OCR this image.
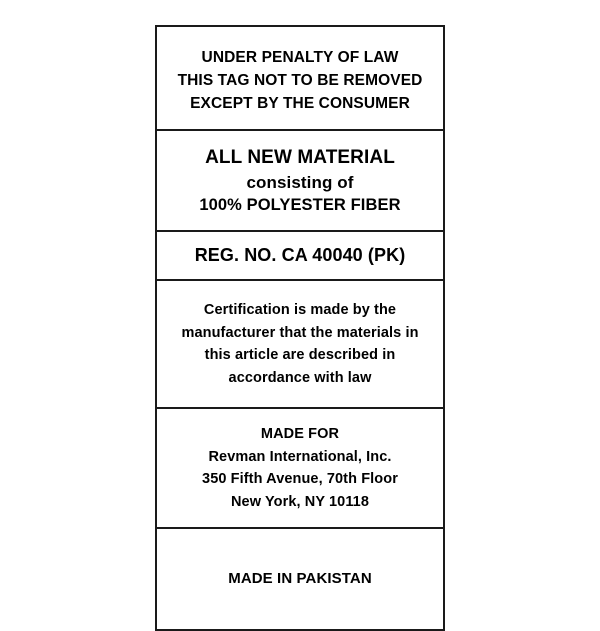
UNDER PENALTY OF LAW
THIS TAG NOT TO BE REMOVED
EXCEPT BY THE CONSUMER
ALL NEW MATERIAL
consisting of
100% POLYESTER FIBER
REG. NO. CA 40040 (PK)
Certification is made by the
manufacturer that the materials in
this article are described in
accordance with law
MADE FOR
Revman International, Inc.
350 Fifth Avenue, 70th Floor
New York, NY 10118
MADE IN PAKISTAN
